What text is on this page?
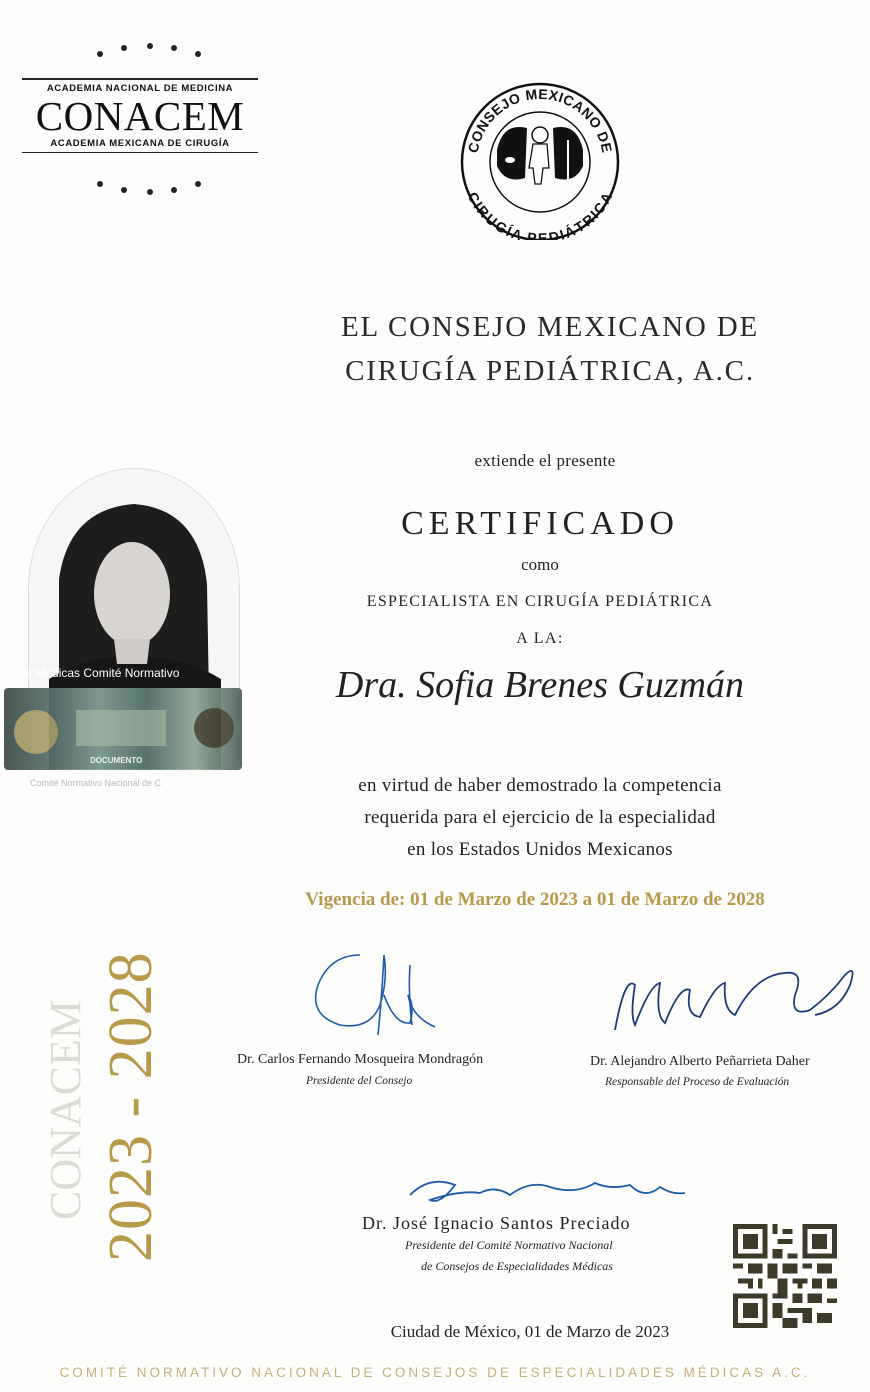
ACADEMIA NACIONAL DE MEDICINA
CONACEM
ACADEMIA MEXICANA DE CIRUGÍA	CONSEJO MEXICANO DE
CIRUGÍA PEDIÁTRICA
EL CONSEJO MEXICANO DE
CIRUGÍA PEDIÁTRICA, A.C.
extiende el presente
CERTIFICADO
como
ESPECIALISTA EN CIRUGÍA PEDIÁTRICA
A LA:
Dra. Sofia Brenes Guzmán
en virtud de haber demostrado la competencia
requerida para el ejercicio de la especialidad
en los Estados Unidos Mexicanos
Vigencia de: 01 de Marzo de 2023 a 01 de Marzo de 2028
ades Médicas Comité Normativo
DOCUMENTO
Comité Normativo Nacional de C
CONACEM 2023 - 2028	Dr. Carlos Fernando Mosqueira Mondragón
Presidente del Consejo
Dr. Alejandro Alberto Peñarrieta Daher
Responsable del Proceso de Evaluación
Dr. José Ignacio Santos Preciado
Presidente del Comité Normativo Nacional
de Consejos de Especialidades Médicas
Ciudad de México, 01 de Marzo de 2023
COMITÉ NORMATIVO NACIONAL DE CONSEJOS DE ESPECIALIDADES MÉDICAS A.C.
